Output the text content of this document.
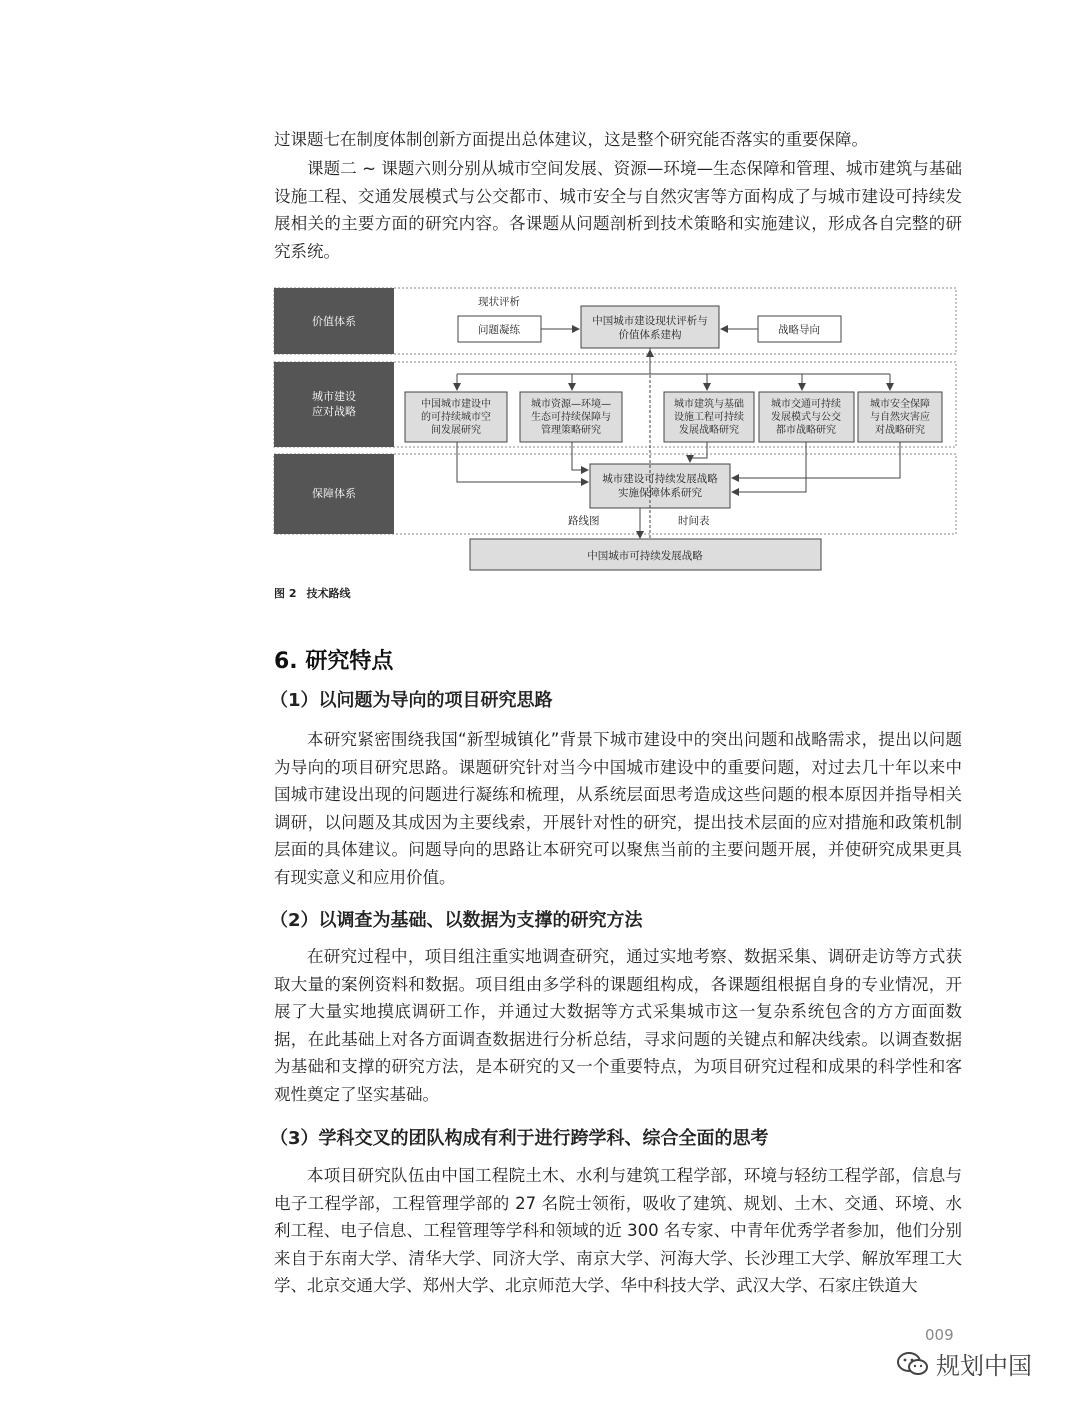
过课题七在制度体制创新方面提出总体建议，这是整个研究能否落实的重要保障。

课题二 ~ 课题六则分别从城市空间发展、资源—环境—生态保障和管理、城市建筑与基础设施工程、交通发展模式与公交都市、城市安全与自然灾害等方面构成了与城市建设可持续发展相关的主要方面的研究内容。各课题从问题剖析到技术策略和实施建议，形成各自完整的研究系统。

价值体系
城市建设
应对战略
保障体系
现状评析
问题凝练
中国城市建设现状评析与
价值体系建构	战略导向
中国城市建设中
的可持续城市空
间发展研究
城市资源—环境—
生态可持续保障与
管理策略研究
城市建筑与基础
设施工程可持续
发展战略研究
城市交通可持续
发展模式与公交
都市战略研究
城市安全保障
与自然灾害应
对战略研究
城市建设可持续发展战略
实施保障体系研究
路线图	时间表
中国城市可持续发展战略
图 2 技术路线
6. 研究特点
（1）以问题为导向的项目研究思路

本研究紧密围绕我国“新型城镇化”背景下城市建设中的突出问题和战略需求，提出以问题为导向的项目研究思路。课题研究针对当今中国城市建设中的重要问题，对过去几十年以来中国城市建设出现的问题进行凝练和梳理，从系统层面思考造成这些问题的根本原因并指导相关调研，以问题及其成因为主要线索，开展针对性的研究，提出技术层面的应对措施和政策机制层面的具体建议。问题导向的思路让本研究可以聚焦当前的主要问题开展，并使研究成果更具有现实意义和应用价值。

（2）以调查为基础、以数据为支撑的研究方法

在研究过程中，项目组注重实地调查研究，通过实地考察、数据采集、调研走访等方式获取大量的案例资料和数据。项目组由多学科的课题组构成，各课题组根据自身的专业情况，开展了大量实地摸底调研工作，并通过大数据等方式采集城市这一复杂系统包含的方方面面数据，在此基础上对各方面调查数据进行分析总结，寻求问题的关键点和解决线索。以调查数据为基础和支撑的研究方法，是本研究的又一个重要特点，为项目研究过程和成果的科学性和客观性奠定了坚实基础。

（3）学科交叉的团队构成有利于进行跨学科、综合全面的思考

本项目研究队伍由中国工程院土木、水利与建筑工程学部，环境与轻纺工程学部，信息与电子工程学部，工程管理学部的 27 名院士领衔，吸收了建筑、规划、土木、交通、环境、水利工程、电子信息、工程管理等学科和领域的近 300 名专家、中青年优秀学者参加，他们分别来自于东南大学、清华大学、同济大学、南京大学、河海大学、长沙理工大学、解放军理工大学、北京交通大学、郑州大学、北京师范大学、华中科技大学、武汉大学、石家庄铁道大

009
规划中国
